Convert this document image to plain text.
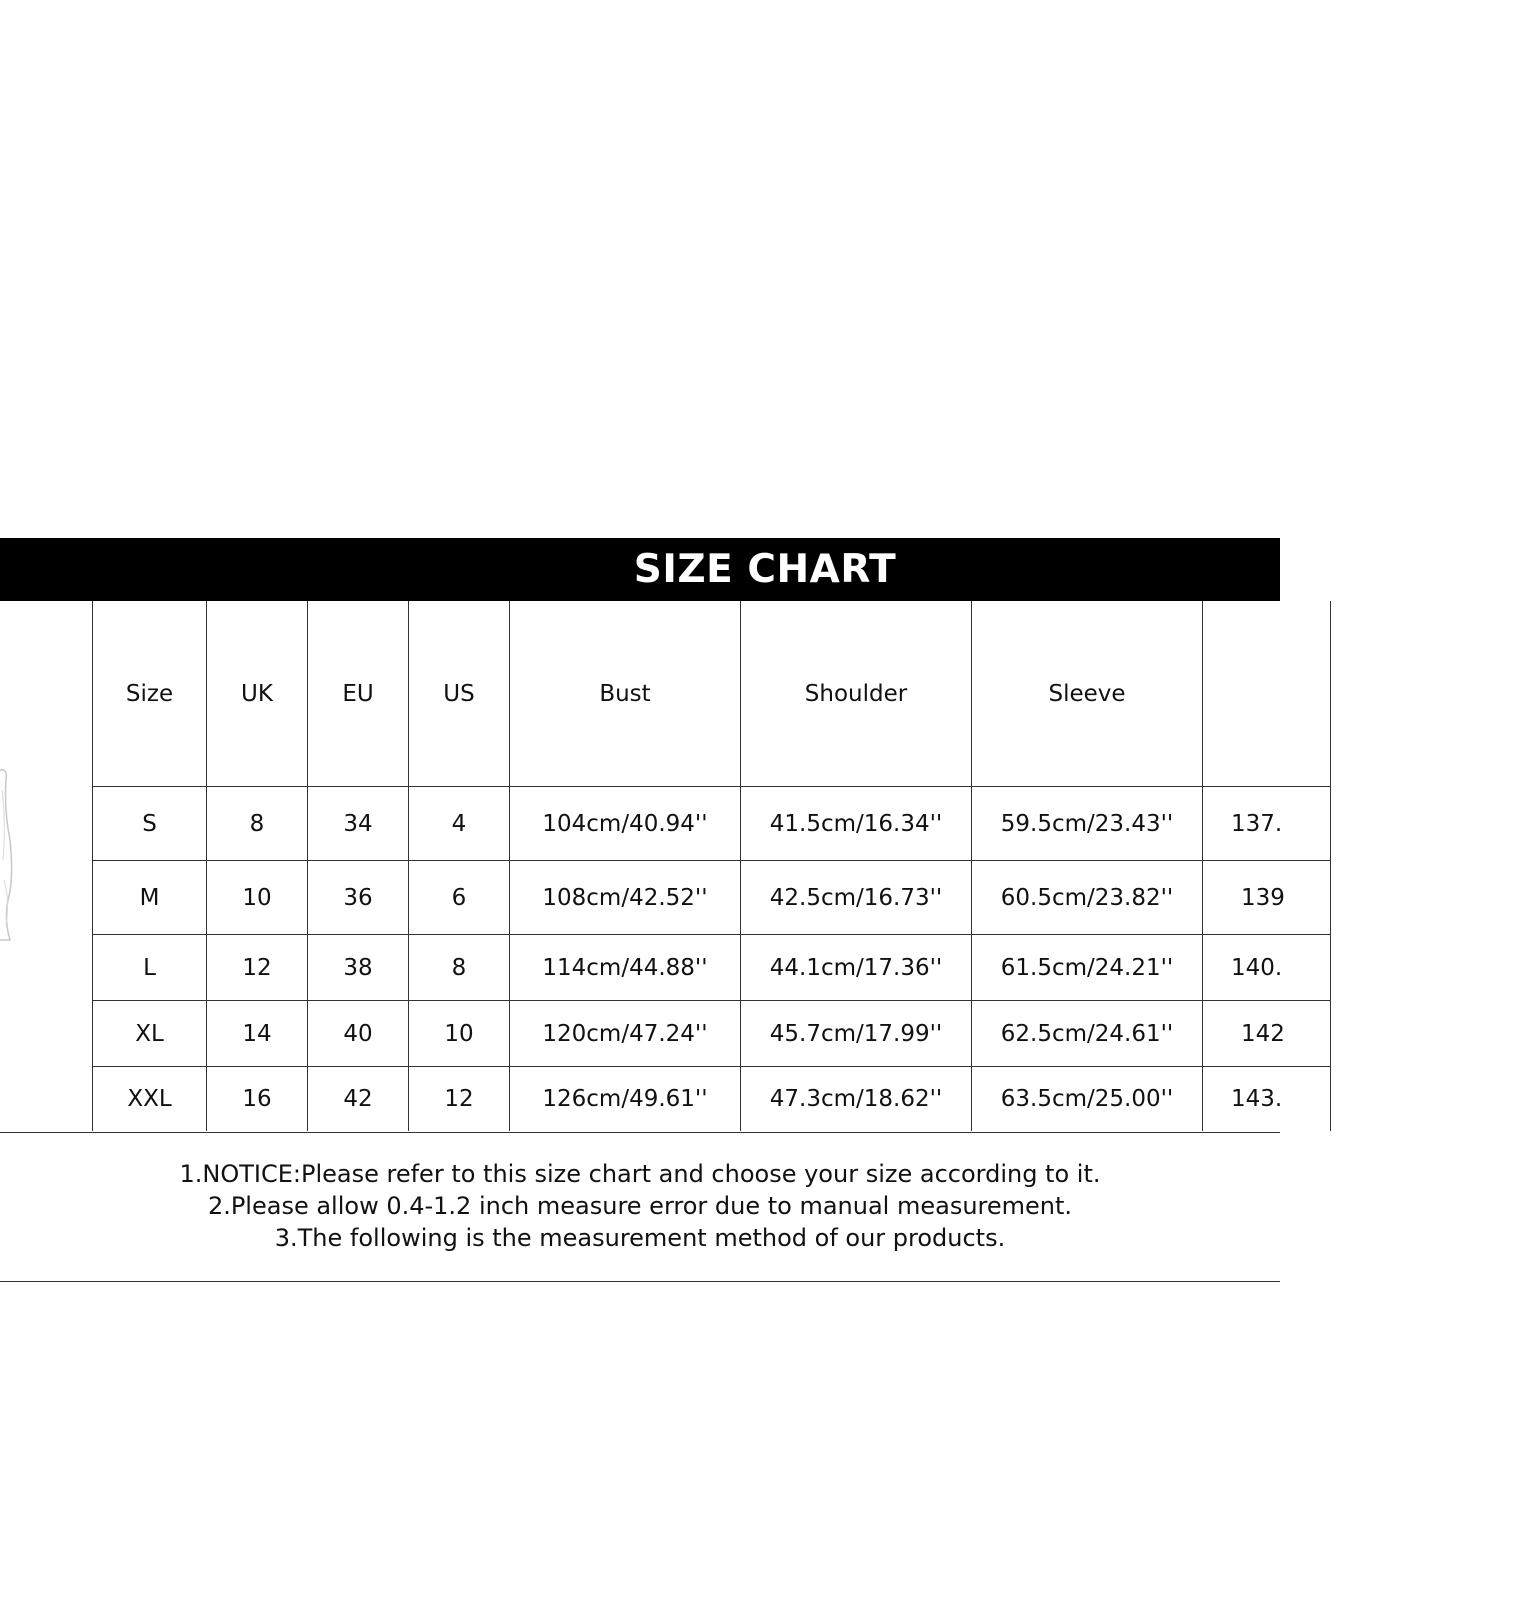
SIZE CHART
Size	UK	EU	US	Bust	Shoulder	Sleeve	
S	8	34	4	104cm/40.94''	41.5cm/16.34''	59.5cm/23.43''	137.
M	10	36	6	108cm/42.52''	42.5cm/16.73''	60.5cm/23.82''	139
L	12	38	8	114cm/44.88''	44.1cm/17.36''	61.5cm/24.21''	140.
XL	14	40	10	120cm/47.24''	45.7cm/17.99''	62.5cm/24.61''	142
XXL	16	42	12	126cm/49.61''	47.3cm/18.62''	63.5cm/25.00''	143.
1.NOTICE:Please refer to this size chart and choose your size according to it.
2.Please allow 0.4-1.2 inch measure error due to manual measurement.
3.The following is the measurement method of our products.
